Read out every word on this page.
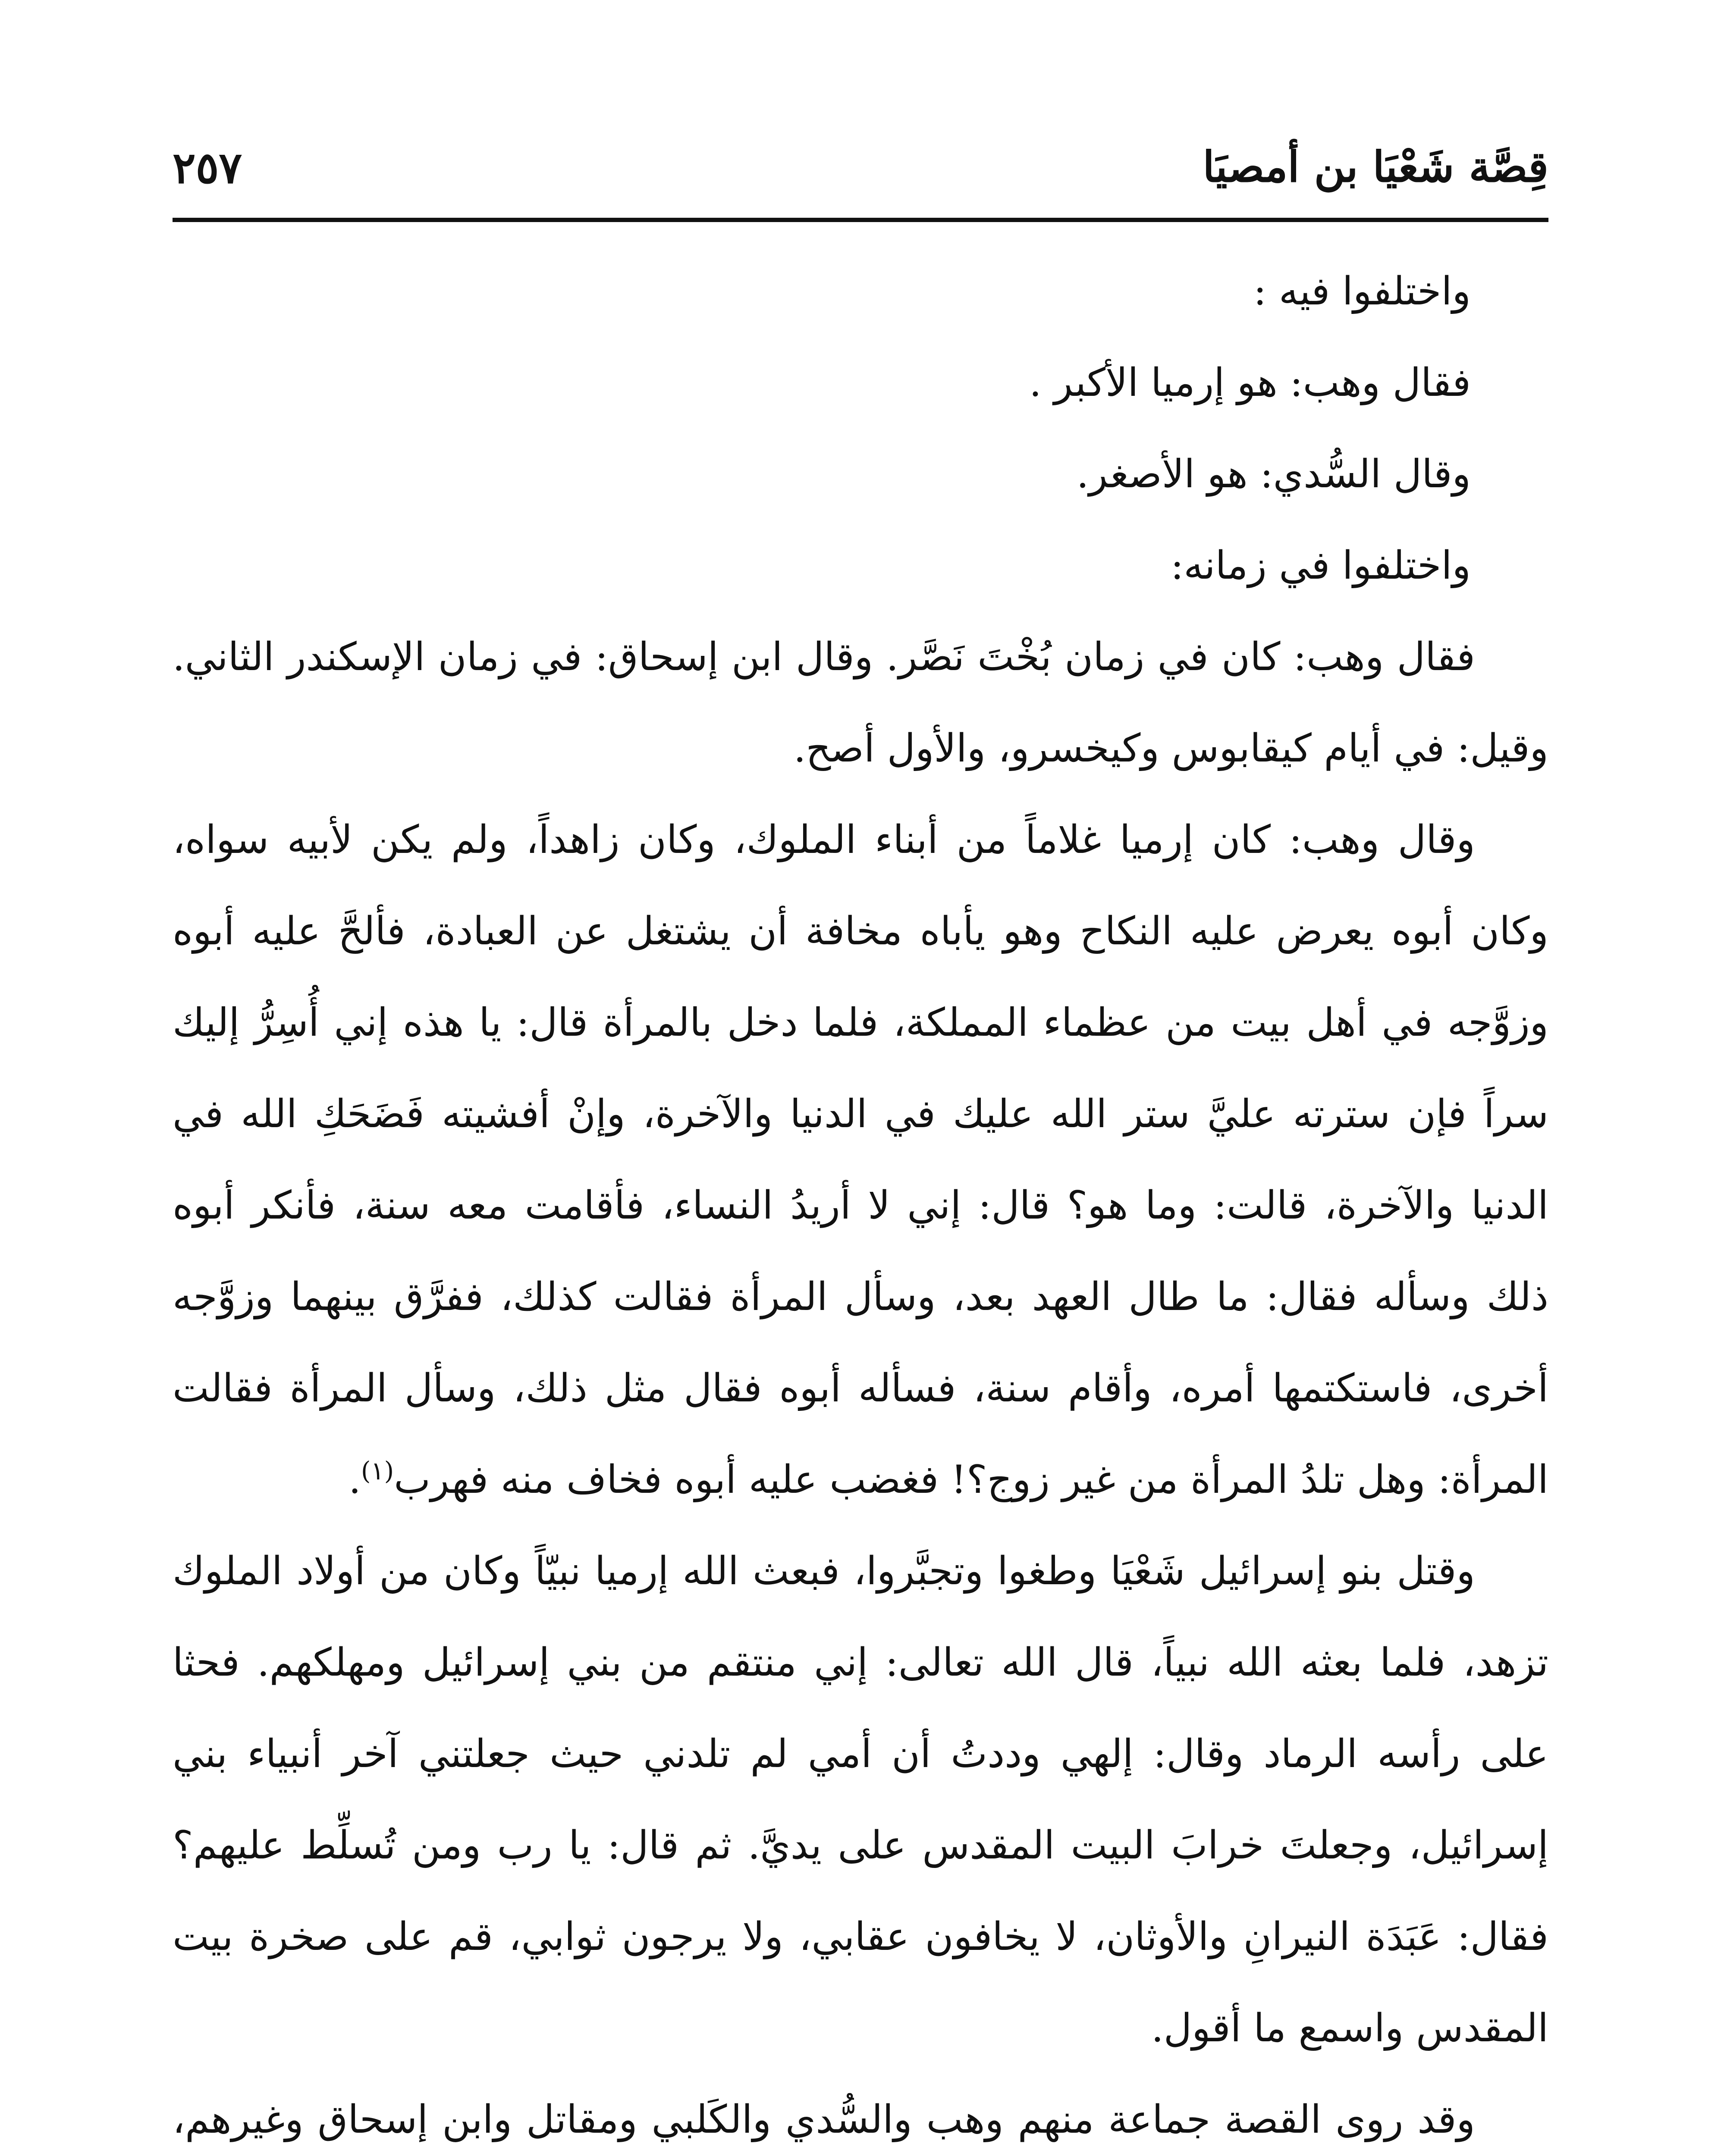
قِصَّة شَعْيَا بن أمصيَا
٢٥٧

واختلفوا فيه :

فقال وهب: هو إرميا الأكبر .

وقال السُّدي: هو الأصغر.

واختلفوا في زمانه:

فقال وهب: كان في زمان بُخْتَ نَصَّر. وقال ابن إسحاق: في زمان الإسكندر الثاني. وقيل: في أيام كيقابوس وكيخسرو، والأول أصح.

وقال وهب: كان إرميا غلاماً من أبناء الملوك، وكان زاهداً، ولم يكن لأبيه سواه، وكان أبوه يعرض عليه النكاح وهو يأباه مخافة أن يشتغل عن العبادة، فألحَّ عليه أبوه وزوَّجه في أهل بيت من عظماء المملكة، فلما دخل بالمرأة قال: يا هذه إني أُسِرُّ إليك سراً فإن سترته عليَّ ستر الله عليك في الدنيا والآخرة، وإنْ أفشيته فَضَحَكِ الله في الدنيا والآخرة، قالت: وما هو؟ قال: إني لا أريدُ النساء، فأقامت معه سنة، فأنكر أبوه ذلك وسأله فقال: ما طال العهد بعد، وسأل المرأة فقالت كذلك، ففرَّق بينهما وزوَّجه أخرى، فاستكتمها أمره، وأقام سنة، فسأله أبوه فقال مثل ذلك، وسأل المرأة فقالت المرأة: وهل تلدُ المرأة من غير زوج؟! فغضب عليه أبوه فخاف منه فهرب$^{(١)}$.

وقتل بنو إسرائيل شَعْيَا وطغوا وتجبَّروا، فبعث الله إرميا نبيّاً وكان من أولاد الملوك تزهد، فلما بعثه الله نبياً، قال الله تعالى: إني منتقم من بني إسرائيل ومهلكهم. فحثا على رأسه الرماد وقال: إلهي وددتُ أن أمي لم تلدني حيث جعلتني آخر أنبياء بني إسرائيل، وجعلتَ خرابَ البيت المقدس على يديَّ. ثم قال: يا رب ومن تُسلِّط عليهم؟ فقال: عَبَدَة النيرانِ والأوثان، لا يخافون عقابي، ولا يرجون ثوابي، قم على صخرة بيت المقدس واسمع ما أقول.

وقد روى القصة جماعة منهم وهب والسُّدي والكَلبي ومقاتل وابن إسحاق وغيرهم،
